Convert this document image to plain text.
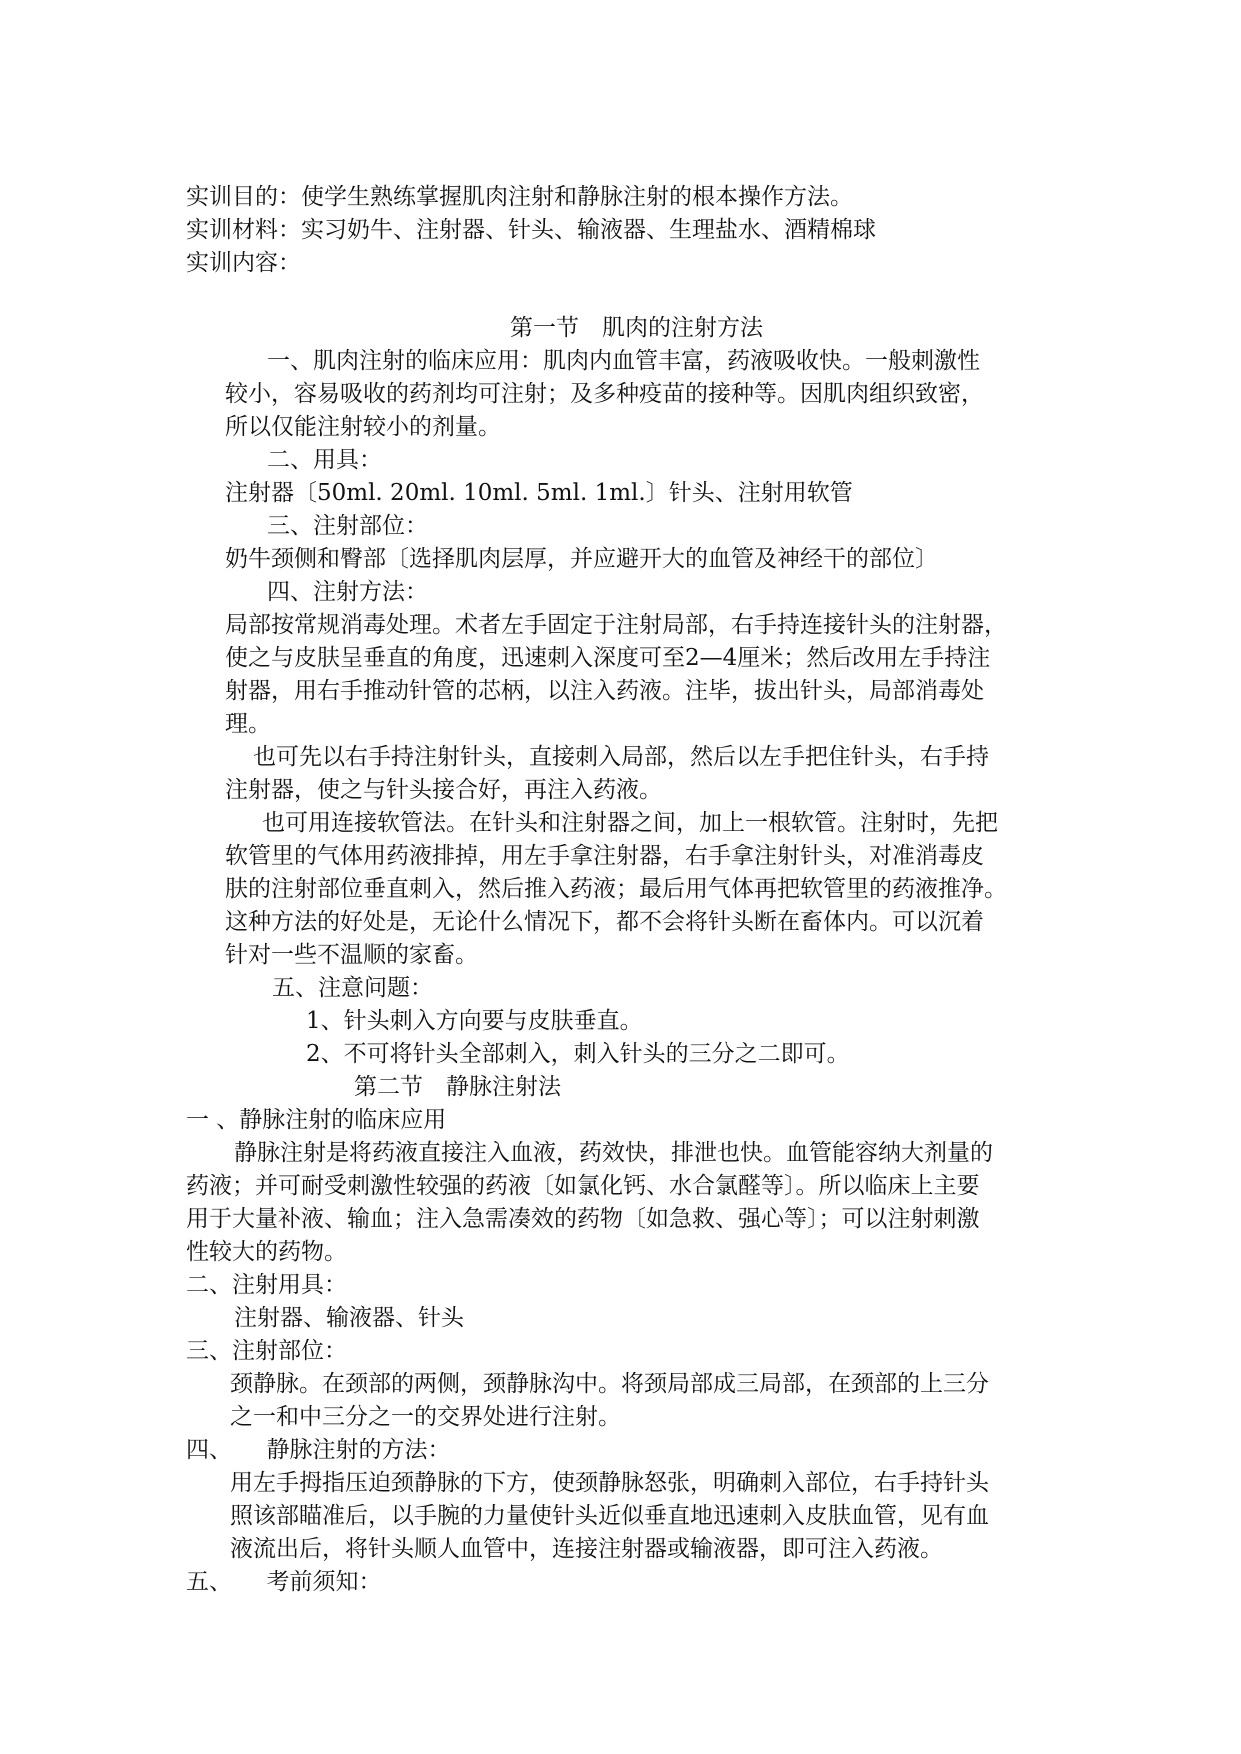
实训目的：使学生熟练掌握肌肉注射和静脉注射的根本操作方法。
实训材料：实习奶牛、注射器、针头、输液器、生理盐水、酒精棉球
实训内容：
第一节　肌肉的注射方法
一、肌肉注射的临床应用：肌肉内血管丰富，药液吸收快。一般刺激性
较小，容易吸收的药剂均可注射；及多种疫苗的接种等。因肌肉组织致密，
所以仅能注射较小的剂量。
二、用具：
注射器〔50ml. 20ml. 10ml. 5ml. 1ml.〕针头、注射用软管
三、注射部位：
奶牛颈侧和臀部〔选择肌肉层厚，并应避开大的血管及神经干的部位〕
四、注射方法：
局部按常规消毒处理。术者左手固定于注射局部，右手持连接针头的注射器，
使之与皮肤呈垂直的角度，迅速刺入深度可至2—4厘米；然后改用左手持注
射器，用右手推动针管的芯柄，以注入药液。注毕，拔出针头，局部消毒处
理。
也可先以右手持注射针头，直接刺入局部，然后以左手把住针头，右手持
注射器，使之与针头接合好，再注入药液。
也可用连接软管法。在针头和注射器之间，加上一根软管。注射时，先把
软管里的气体用药液排掉，用左手拿注射器，右手拿注射针头，对准消毒皮
肤的注射部位垂直刺入，然后推入药液；最后用气体再把软管里的药液推净。
这种方法的好处是，无论什么情况下，都不会将针头断在畜体内。可以沉着
针对一些不温顺的家畜。
五、注意问题：
1、针头刺入方向要与皮肤垂直。
2、不可将针头全部刺入，刺入针头的三分之二即可。
第二节　静脉注射法
一 、静脉注射的临床应用
静脉注射是将药液直接注入血液，药效快，排泄也快。血管能容纳大剂量的
药液；并可耐受刺激性较强的药液〔如氯化钙、水合氯醛等〕。所以临床上主要
用于大量补液、输血；注入急需凑效的药物〔如急救、强心等〕；可以注射刺激
性较大的药物。
二、注射用具：
注射器、输液器、针头
三、注射部位：
颈静脉。在颈部的两侧，颈静脉沟中。将颈局部成三局部，在颈部的上三分
之一和中三分之一的交界处进行注射。
四、　　静脉注射的方法：
用左手拇指压迫颈静脉的下方，使颈静脉怒张，明确刺入部位，右手持针头
照该部瞄准后，以手腕的力量使针头近似垂直地迅速刺入皮肤血管，见有血
液流出后，将针头顺人血管中，连接注射器或输液器，即可注入药液。
五、　　考前须知：
